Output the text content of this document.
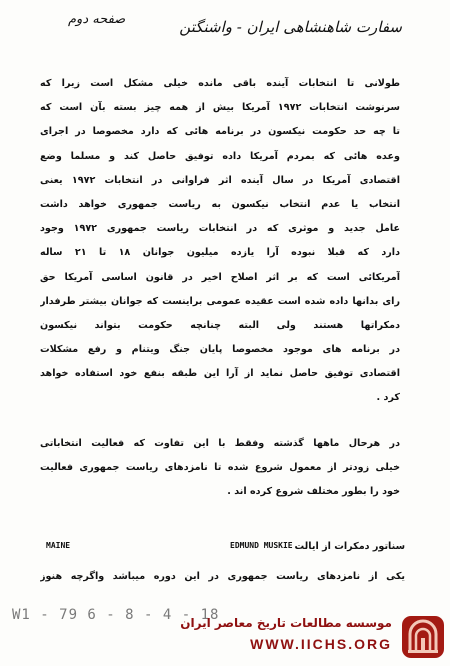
صفحه دوم	سفارت شاهنشاهی ایران - واشنگتن
طولانی تا انتخابات آینده باقی مانده خیلی مشکل است زیرا که
سرنوشت انتخابات ۱۹۷۲ آمریکا بیش از همه چیز بسته بآن است که
تا چه حد حکومت نیکسون در برنامه هائی که دارد مخصوصا در اجرای
وعده هائی که بمردم آمریکا داده توفیق حاصل کند و مسلما وضع
اقتصادی آمریکا در سال آینده اثر فراوانی در انتخابات ۱۹۷۲ یعنی
انتخاب یا عدم انتخاب نیکسون به ریاست جمهوری خواهد داشت
عامل جدید و موثری که در انتخابات ریاست جمهوری ۱۹۷۲ وجود
دارد که قبلا نبوده آرا یازده میلیون جوانان ۱۸ تا ۲۱ ساله
آمریکائی است که بر اثر اصلاح اخیر در قانون اساسی آمریکا حق
رای بدانها داده شده است عقیده عمومی براینست که جوانان بیشتر طرفدار
دمکراتها هستند ولی البته چنانچه حکومت بتواند نیکسون
در برنامه های موجود مخصوصا پایان جنگ ویتنام و رفع مشکلات
اقتصادی توفیق حاصل نماید از آرا این طبقه بنفع خود استفاده خواهد
کرد .
در هرحال ماهها گذشته وفقط با این تفاوت که فعالیت انتخاباتی
خیلی زودتر از معمول شروع شده تا نامزدهای ریاست جمهوری فعالیت
خود را بطور مختلف شروع کرده اند .
MAINE	EDMUND MUSKIE سناتور دمکرات از ایالت
یکی از نامزدهای ریاست جمهوری در این دوره میباشد واگرچه هنوز
W1 - 79 6 - 8 - 4 - 18
موسسه مطالعات تاریخ معاصر ایران
WWW.IICHS.ORG
